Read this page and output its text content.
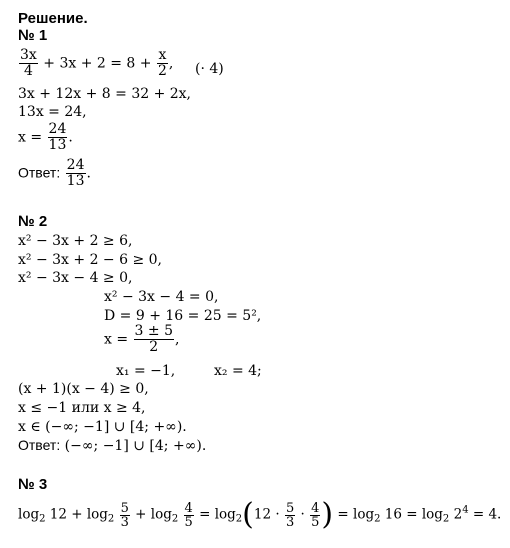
Решение.
№ 1
$\frac{3x}{4} + 3x + 2 = 8 + \frac{x}{2}$ , (· 4)
3x + 12x + 8 = 32 + 2x,
13x = 24,
$x = \frac{24}{13}$ .
Ответ: $\frac{24}{13}$ .
№ 2
x² − 3x + 2 ≥ 6,
x² − 3x + 2 − 6 ≥ 0,
x² − 3x − 4 ≥ 0,
x² − 3x − 4 = 0,
D = 9 + 16 = 25 = 5²,
$x = \frac{3 \pm 5}{2}$ ,
x₁ = −1,	x₂ = 4;
(x + 1)(x − 4) ≥ 0,
x ≤ −1 или x ≥ 4,
x ∈ (−∞; −1] ∪ [4; +∞).
Ответ: (−∞; −1] ∪ [4; +∞).
№ 3
$\log_2 12 + \log_2 \frac{5}{3} + \log_2 \frac{4}{5} = \log_2(12 \cdot \frac{5}{3} \cdot \frac{4}{5}$ ) = $\log_2 16 = \log_2 2^4 = 4$.
